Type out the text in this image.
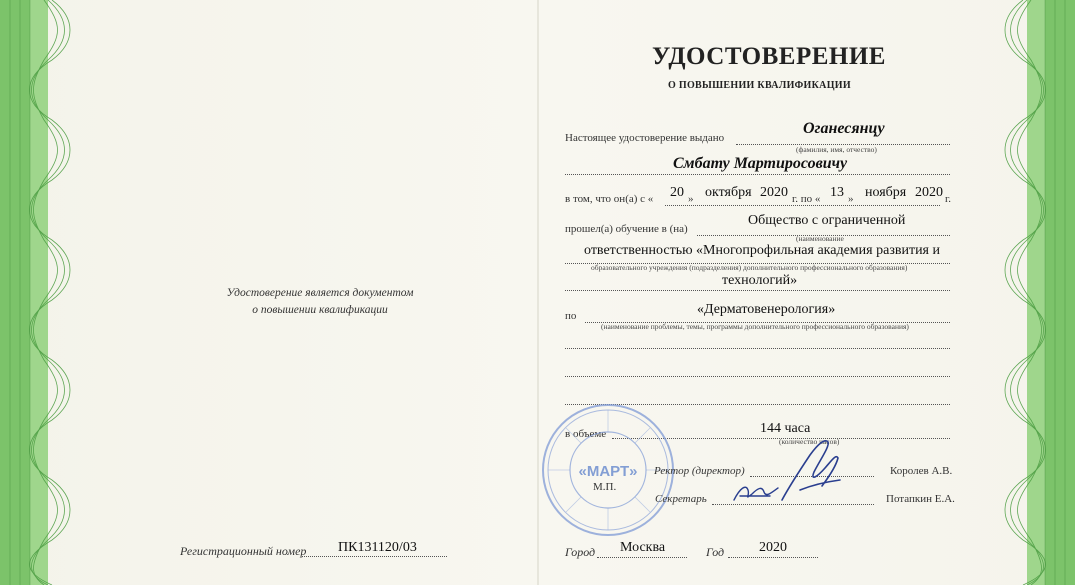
Удостоверение является документом
о повышении квалификации
Регистрационный номер ПК131120/03
УДОСТОВЕРЕНИЕ
О ПОВЫШЕНИИ КВАЛИФИКАЦИИ
Настоящее удостоверение выдано
Оганесянцу
(фамилия, имя, отчество)
Смбату Мартиросовичу
в том, что он(а) с « 20 » октября 2020 г. по « 13 » ноября 2020 г.
прошел(а) обучение в (на)
Общество с ограниченной
(наименование
ответственностью «Многопрофильная академия развития и
образовательного учреждения (подразделения) дополнительного профессионального образования)
технологий»
по	«Дерматовенерология»
(наименование проблемы, темы, программы дополнительного профессионального образования)
в объеме	144 часа
(количество часов)
«МАРТ» Ректор (директор)	Королев А.В.
М.П.
Секретарь	Потапкин Е.А.
Город Москва	Год 2020
